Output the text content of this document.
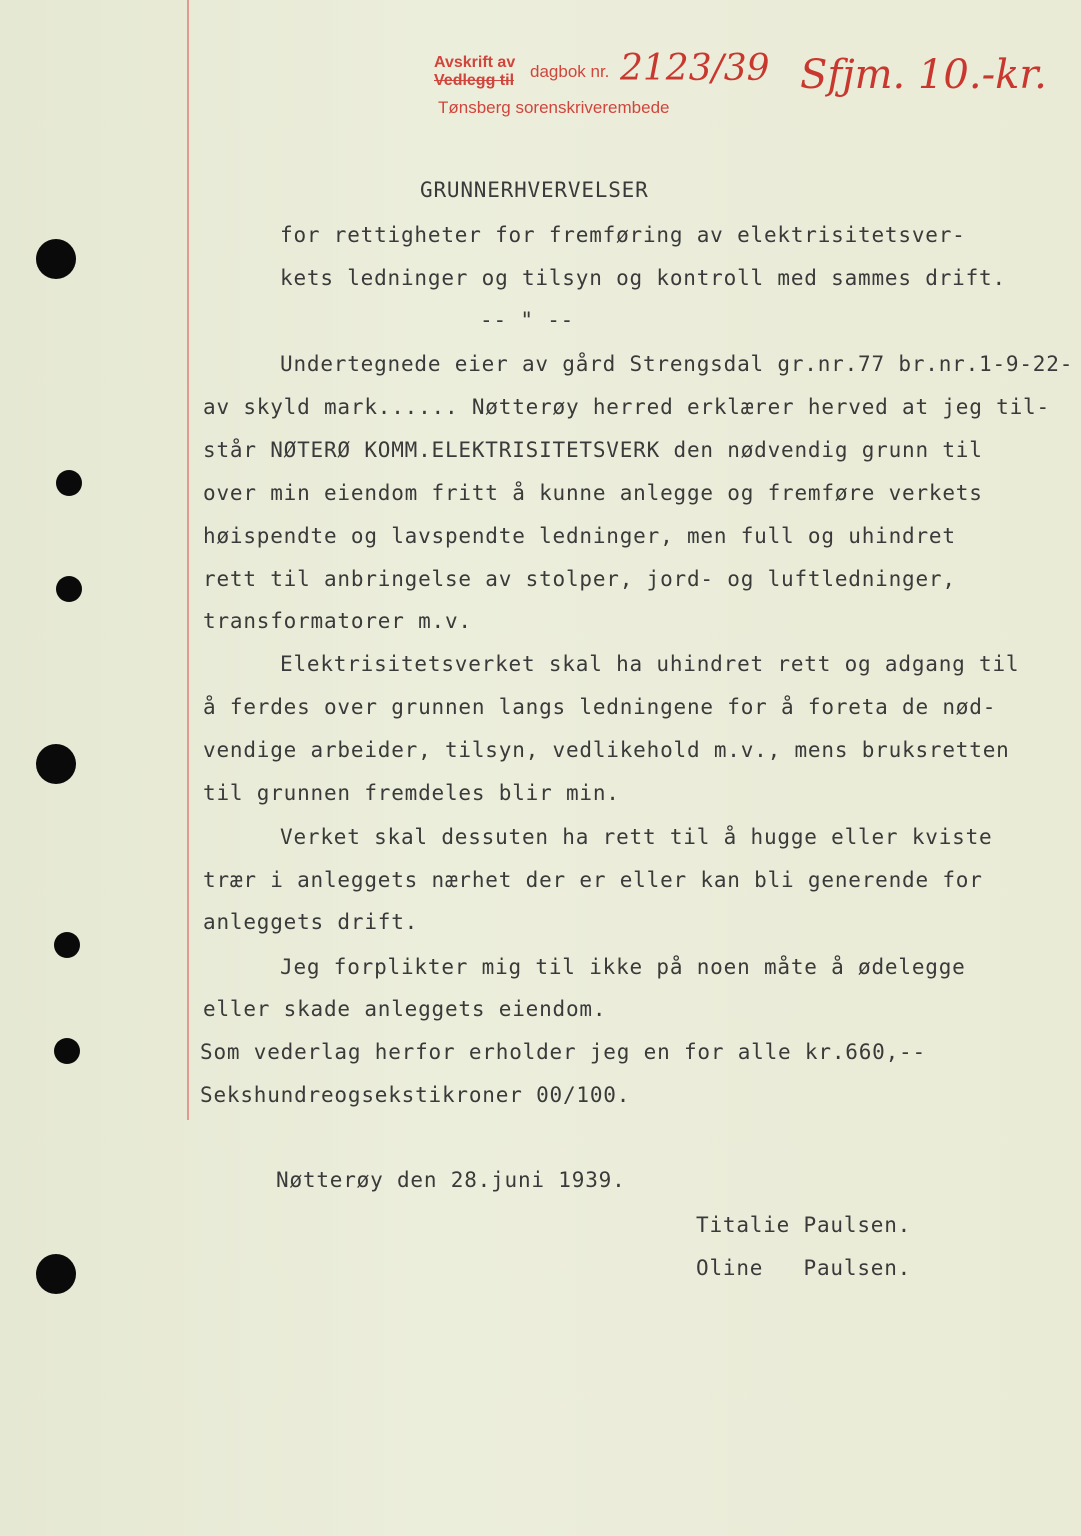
Avskrift av
Vedlegg til dagbok nr.
Tønsberg sorenskriverembede
2123/39 Sfjm. 10.-kr.
GRUNNERHVERVELSER
for rettigheter for fremføring av elektrisitetsver-
kets ledninger og tilsyn og kontroll med sammes drift.
-- " --
Undertegnede eier av gård Strengsdal gr.nr.77 br.nr.1-9-22-
av skyld mark...... Nøtterøy herred erklærer herved at jeg til-
står NØTERØ KOMM.ELEKTRISITETSVERK den nødvendig grunn til
over min eiendom fritt å kunne anlegge og fremføre verkets
høispendte og lavspendte ledninger, men full og uhindret
rett til anbringelse av stolper, jord- og luftledninger,
transformatorer m.v.
Elektrisitetsverket skal ha uhindret rett og adgang til
å ferdes over grunnen langs ledningene for å foreta de nød-
vendige arbeider, tilsyn, vedlikehold m.v., mens bruksretten
til grunnen fremdeles blir min.
Verket skal dessuten ha rett til å hugge eller kviste
trær i anleggets nærhet der er eller kan bli generende for
anleggets drift.
Jeg forplikter mig til ikke på noen måte å ødelegge
eller skade anleggets eiendom.
Som vederlag herfor erholder jeg en for alle kr.660,--
Sekshundreogsekstikroner 00/100.
Nøtterøy den 28.juni 1939.
Titalie Paulsen.
Oline   Paulsen.
